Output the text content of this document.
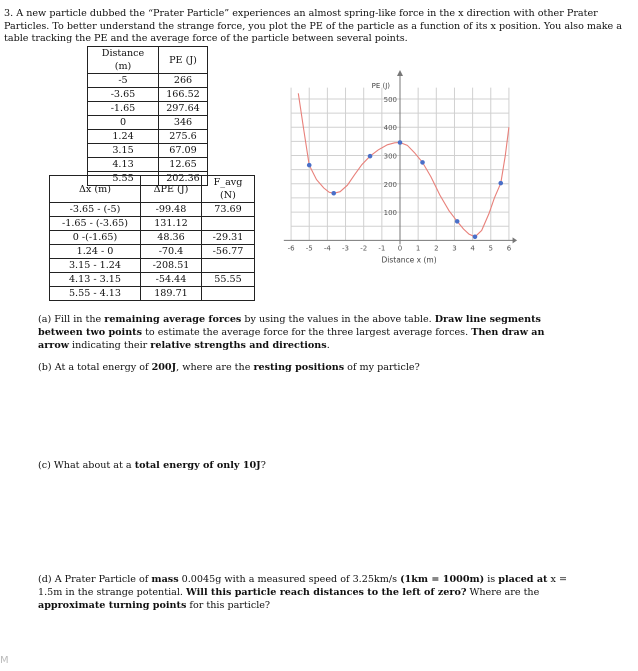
3. A new particle dubbed the “Prater Particle” experiences an almost spring-like force in the x direction with other Prater Particles. To better understand the strange force, you plot the PE of the particle as a function of its x position. You also make a table tracking the PE and the average force of the particle between several points.
Distance (m)	PE (J)
-5	266
-3.65	166.52
-1.65	297.64
0	346
1.24	275.6
3.15	67.09
4.13	12.65
5.55	202.36
Δx (m)	ΔPE (J)	F_avg (N)
-3.65 - (-5)	-99.48	73.69
-1.65 - (-3.65)	131.12	
0 -(-1.65)	48.36	-29.31
1.24 - 0	-70.4	-56.77
3.15 - 1.24	-208.51	
4.13 - 3.15	-54.44	55.55
5.55 - 4.13	189.71	
-6 -5 -4 -3 -2 -1 0 1 2 3 4 5 6
100
200
300
400
500
PE (J)
Distance x (m)
(a) Fill in the remaining average forces by using the values in the above table. Draw line segments between two points to estimate the average force for the three largest average forces. Then draw an arrow indicating their relative strengths and directions.
(b) At a total energy of 200J, where are the resting positions of my particle?
(c) What about at a total energy of only 10J?
(d) A Prater Particle of mass 0.0045g with a measured speed of 3.25km/s (1km = 1000m) is placed at x = 1.5m in the strange potential. Will this particle reach distances to the left of zero? Where are the approximate turning points for this particle?
M
